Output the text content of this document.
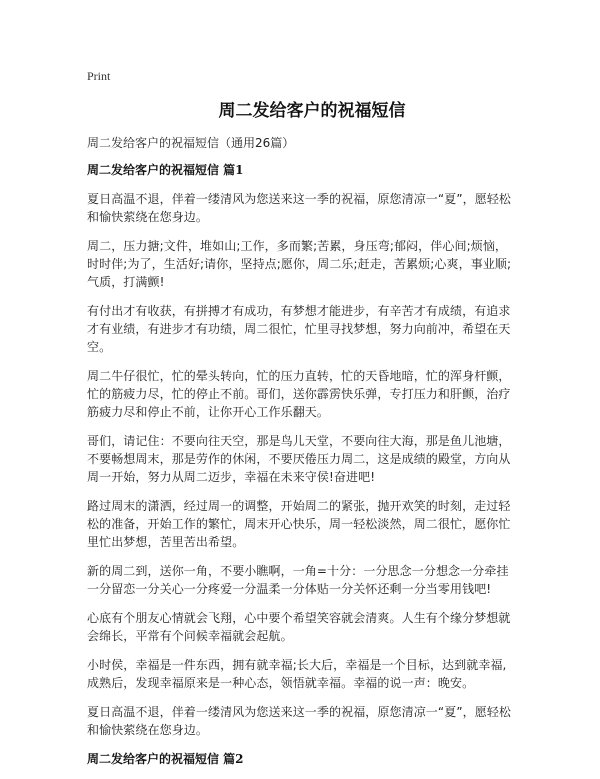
Print
周二发给客户的祝福短信
周二发给客户的祝福短信（通用26篇）
周二发给客户的祝福短信 篇1

夏日高温不退，伴着一缕清风为您送来这一季的祝福，原您清凉一“夏”，愿轻松和愉快萦绕在您身边。

周二，压力搪;文件，堆如山;工作，多而繁;苦累，身压弯;郁闷，伴心间;烦恼，时时伴;为了，生活好;请你，坚持点;愿你，周二乐;赶走，苦累烦;心爽，事业顺;气质，打满颤!

有付出才有收获，有拼搏才有成功，有梦想才能进步，有辛苦才有成绩，有追求才有业绩，有进步才有功绩，周二很忙，忙里寻找梦想，努力向前冲，希望在天空。

周二牛仔很忙，忙的晕头转向，忙的压力直转，忙的天昏地暗，忙的浑身杆颤，忙的筋疲力尽，忙的停止不前。哥们，送你霹雳快乐弹，专打压力和肝颤，治疗筋疲力尽和停止不前，让你开心工作乐翻天。

哥们，请记住：不要向往天空，那是鸟儿天堂，不要向往大海，那是鱼儿池塘，不要畅想周末，那是劳作的休闲，不要厌倦压力周二，这是成绩的殿堂，方向从周一开始，努力从周二迈步，幸福在未来守侯!奋进吧!

路过周末的潇洒，经过周一的调整，开始周二的紧张，抛开欢笑的时刻，走过轻松的准备，开始工作的繁忙，周末开心快乐，周一轻松淡然，周二很忙，愿你忙里忙出梦想，苦里苦出希望。

新的周二到，送你一角，不要小瞧啊，一角=十分：一分思念一分想念一分牵挂一分留恋一分关心一分疼爱一分温柔一分体贴一分关怀还剩一分当零用钱吧!

心底有个朋友心情就会飞翔，心中要个希望笑容就会清爽。人生有个缘分梦想就会绵长，平常有个问候幸福就会起航。

小时侯，幸福是一件东西，拥有就幸福;长大后，幸福是一个目标，达到就幸福,成熟后，发现幸福原来是一种心态，领悟就幸福。幸福的说一声：晚安。

夏日高温不退，伴着一缕清风为您送来这一季的祝福，原您清凉一“夏”，愿轻松和愉快萦绕在您身边。

周二发给客户的祝福短信 篇2
